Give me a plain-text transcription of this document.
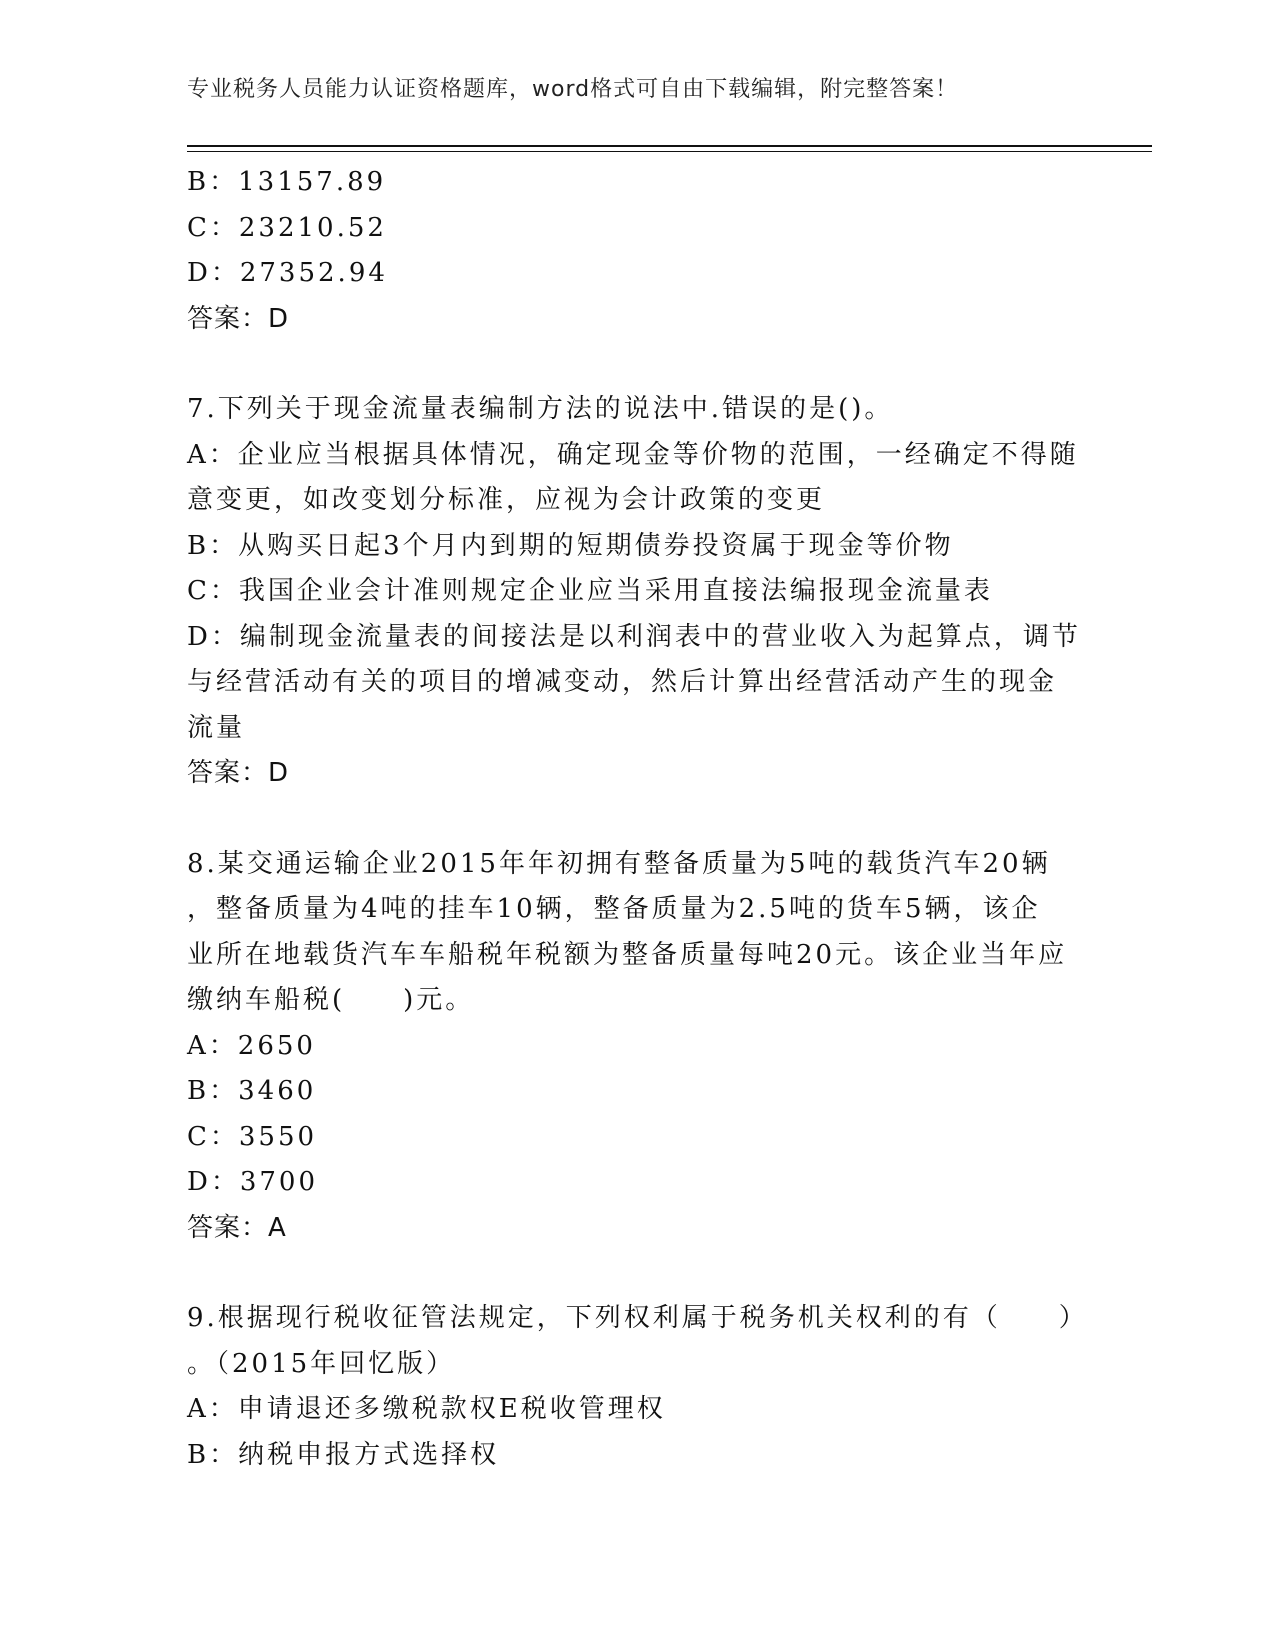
专业税务人员能力认证资格题库，word格式可自由下载编辑，附完整答案！
B：13157.89
C：23210.52
D：27352.94
答案：D
7.下列关于现金流量表编制方法的说法中.错误的是()。
A：企业应当根据具体情况，确定现金等价物的范围，一经确定不得随
意变更，如改变划分标准，应视为会计政策的变更
B：从购买日起3个月内到期的短期债券投资属于现金等价物
C：我国企业会计准则规定企业应当采用直接法编报现金流量表
D：编制现金流量表的间接法是以利润表中的营业收入为起算点，调节
与经营活动有关的项目的增减变动，然后计算出经营活动产生的现金
流量
答案：D
8.某交通运输企业2015年年初拥有整备质量为5吨的载货汽车20辆
，整备质量为4吨的挂车10辆，整备质量为2.5吨的货车5辆，该企
业所在地载货汽车车船税年税额为整备质量每吨20元。该企业当年应
缴纳车船税(　　)元。
A：2650
B：3460
C：3550
D：3700
答案：A
9.根据现行税收征管法规定，下列权利属于税务机关权利的有（　　）
。（2015年回忆版）
A：申请退还多缴税款权E税收管理权
B：纳税申报方式选择权
